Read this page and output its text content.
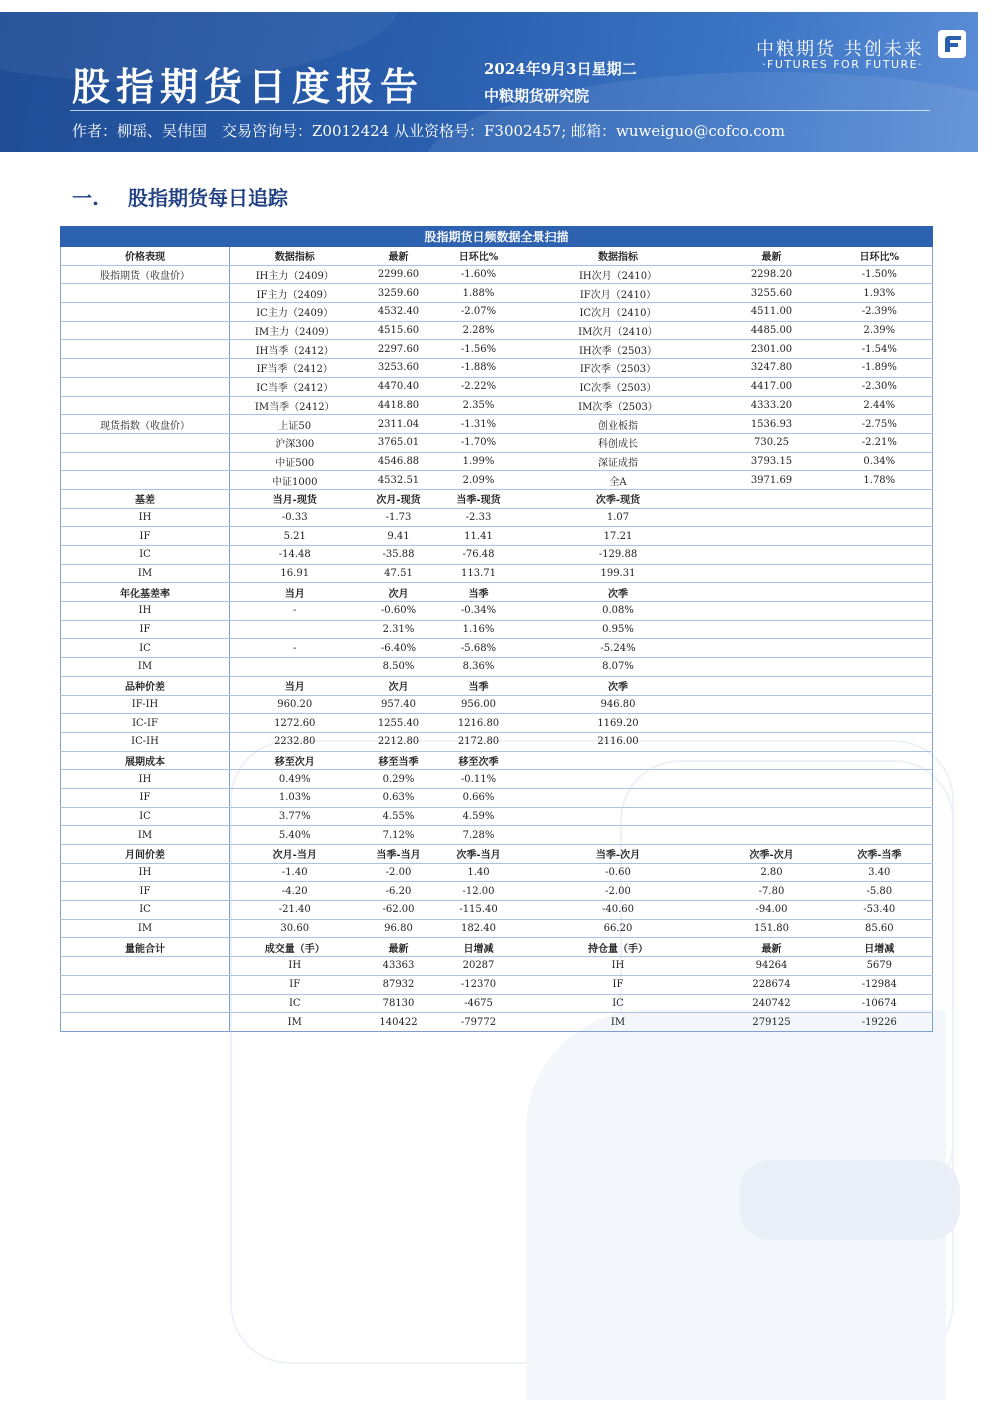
股指期货日度报告	2024年9月3日星期二
中粮期货研究院
作者：柳瑶、吴伟国　交易咨询号：Z0012424 从业资格号：F3002457; 邮箱：wuweiguo@cofco.com
中粮期货 共创未来
·FUTURES FOR FUTURE·
一. 股指期货每日追踪
股指期货日频数据全景扫描						
价格表现	数据指标	最新	日环比%	数据指标	最新	日环比%
股指期货（收盘价）	IH主力（2409）	2299.60	-1.60%	IH次月（2410）	2298.20	-1.50%
	IF主力（2409）	3259.60	1.88%	IF次月（2410）	3255.60	1.93%
	IC主力（2409）	4532.40	-2.07%	IC次月（2410）	4511.00	-2.39%
	IM主力（2409）	4515.60	2.28%	IM次月（2410）	4485.00	2.39%
	IH当季（2412）	2297.60	-1.56%	IH次季（2503）	2301.00	-1.54%
	IF当季（2412）	3253.60	-1.88%	IF次季（2503）	3247.80	-1.89%
	IC当季（2412）	4470.40	-2.22%	IC次季（2503）	4417.00	-2.30%
	IM当季（2412）	4418.80	2.35%	IM次季（2503）	4333.20	2.44%
现货指数（收盘价）	上证50	2311.04	-1.31%	创业板指	1536.93	-2.75%
	沪深300	3765.01	-1.70%	科创成长	730.25	-2.21%
	中证500	4546.88	1.99%	深证成指	3793.15	0.34%
	中证1000	4532.51	2.09%	全A	3971.69	1.78%
基差	当月-现货	次月-现货	当季-现货	次季-现货		
IH	-0.33	-1.73	-2.33	1.07		
IF	5.21	9.41	11.41	17.21		
IC	-14.48	-35.88	-76.48	-129.88		
IM	16.91	47.51	113.71	199.31		
年化基差率	当月	次月	当季	次季		
IH	-	-0.60%	-0.34%	0.08%		
IF		2.31%	1.16%	0.95%		
IC	-	-6.40%	-5.68%	-5.24%		
IM		8.50%	8.36%	8.07%		
品种价差	当月	次月	当季	次季		
IF-IH	960.20	957.40	956.00	946.80		
IC-IF	1272.60	1255.40	1216.80	1169.20		
IC-IH	2232.80	2212.80	2172.80	2116.00		
展期成本	移至次月	移至当季	移至次季			
IH	0.49%	0.29%	-0.11%			
IF	1.03%	0.63%	0.66%			
IC	3.77%	4.55%	4.59%			
IM	5.40%	7.12%	7.28%			
月间价差	次月-当月	当季-当月	次季-当月	当季-次月	次季-次月	次季-当季
IH	-1.40	-2.00	1.40	-0.60	2.80	3.40
IF	-4.20	-6.20	-12.00	-2.00	-7.80	-5.80
IC	-21.40	-62.00	-115.40	-40.60	-94.00	-53.40
IM	30.60	96.80	182.40	66.20	151.80	85.60
量能合计	成交量（手）	最新	日增减	持仓量（手）	最新	日增减
	IH	43363	20287	IH	94264	5679
	IF	87932	-12370	IF	228674	-12984
	IC	78130	-4675	IC	240742	-10674
	IM	140422	-79772	IM	279125	-19226
